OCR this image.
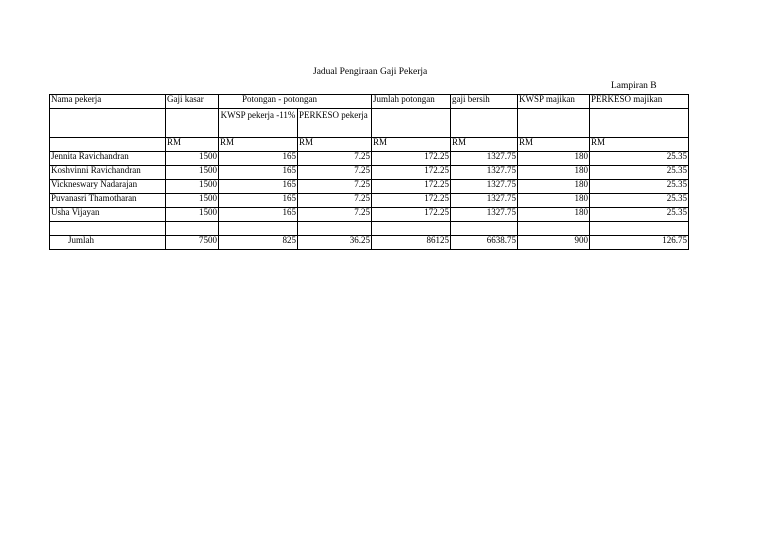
Jadual Pengiraan Gaji Pekerja
Lampiran B
Nama pekerja	Gaji kasar	Potongan - potongan		Jumlah potongan	gaji bersih	KWSP majikan	PERKESO majikan
		KWSP pekerja -11%	PERKESO pekerja				
	RM	RM	RM	RM	RM	RM	RM
Jennita Ravichandran	1500	165	7.25	172.25	1327.75	180	25.35
Koshvinni Ravichandran	1500	165	7.25	172.25	1327.75	180	25.35
Vickneswary Nadarajan	1500	165	7.25	172.25	1327.75	180	25.35
Puvanasri Thamotharan	1500	165	7.25	172.25	1327.75	180	25.35
Usha Vijayan	1500	165	7.25	172.25	1327.75	180	25.35

Jumlah	7500	825	36.25	86125	6638.75	900	126.75
